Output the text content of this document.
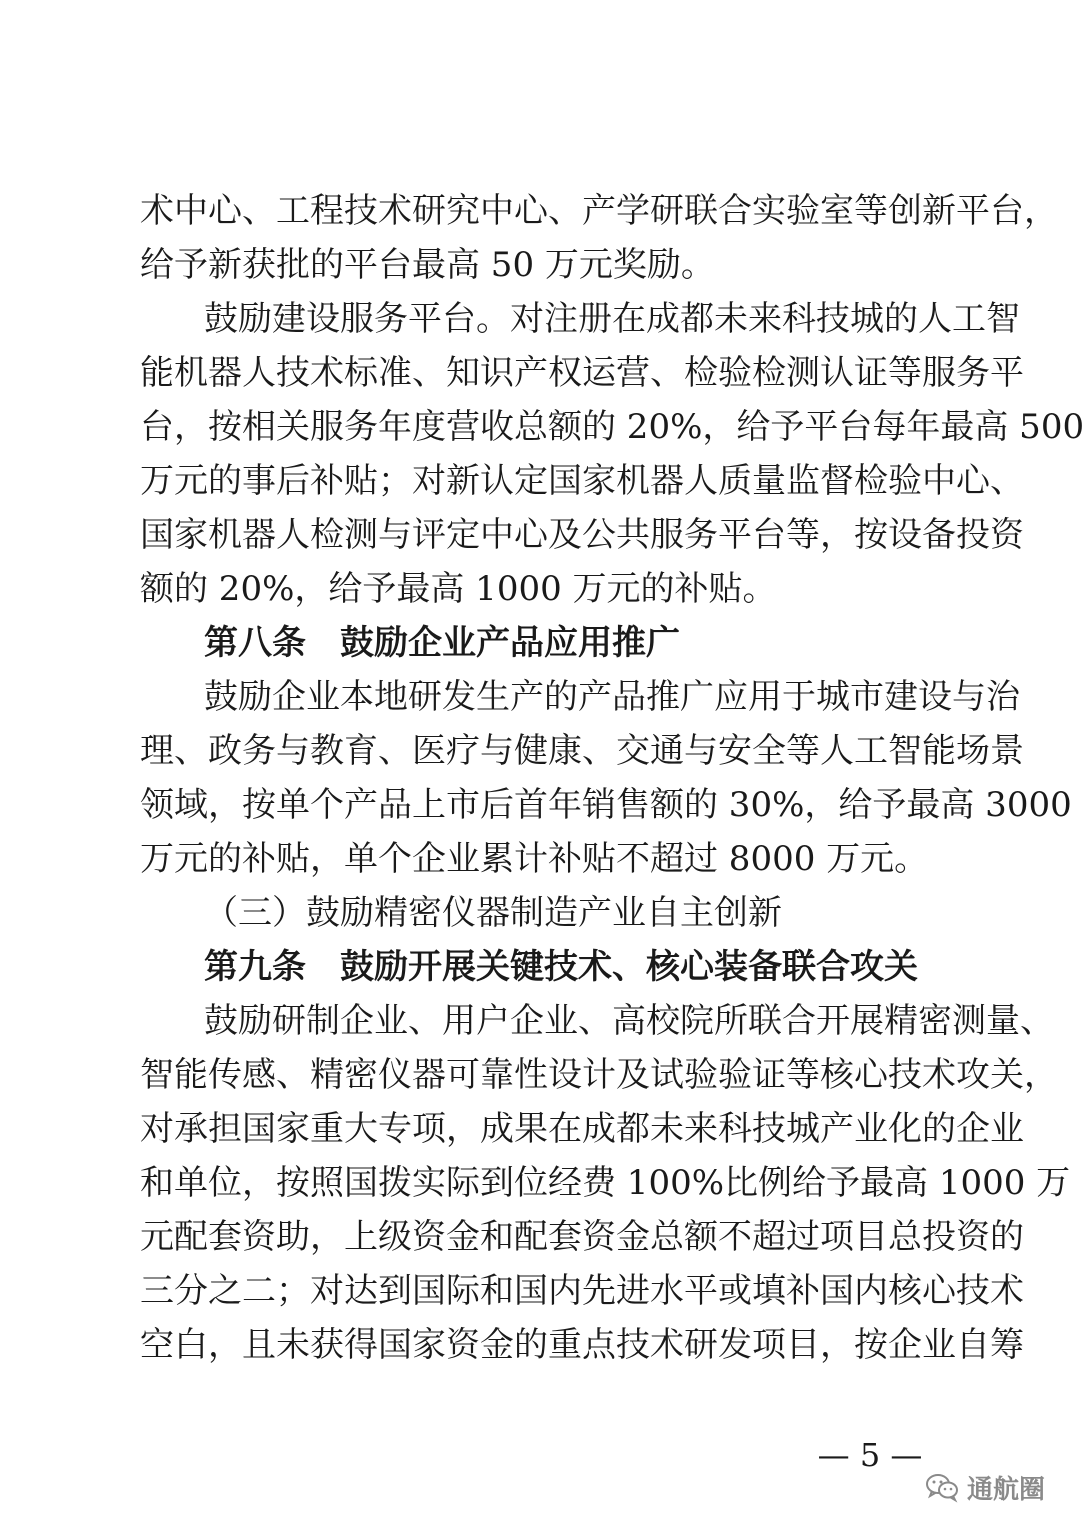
术中心、工程技术研究中心、产学研联合实验室等创新平台，
给予新获批的平台最高 50 万元奖励。
鼓励建设服务平台。对注册在成都未来科技城的人工智
能机器人技术标准、知识产权运营、检验检测认证等服务平
台，按相关服务年度营收总额的 20%，给予平台每年最高 500
万元的事后补贴；对新认定国家机器人质量监督检验中心、
国家机器人检测与评定中心及公共服务平台等，按设备投资
额的 20%，给予最高 1000 万元的补贴。
第八条　鼓励企业产品应用推广
鼓励企业本地研发生产的产品推广应用于城市建设与治
理、政务与教育、医疗与健康、交通与安全等人工智能场景
领域，按单个产品上市后首年销售额的 30%，给予最高 3000
万元的补贴，单个企业累计补贴不超过 8000 万元。
（三）鼓励精密仪器制造产业自主创新
第九条　鼓励开展关键技术、核心装备联合攻关
鼓励研制企业、用户企业、高校院所联合开展精密测量、
智能传感、精密仪器可靠性设计及试验验证等核心技术攻关，
对承担国家重大专项，成果在成都未来科技城产业化的企业
和单位，按照国拨实际到位经费 100%比例给予最高 1000 万
元配套资助，上级资金和配套资金总额不超过项目总投资的
三分之二；对达到国际和国内先进水平或填补国内核心技术
空白，且未获得国家资金的重点技术研发项目，按企业自筹
— 5 —
通航圈
